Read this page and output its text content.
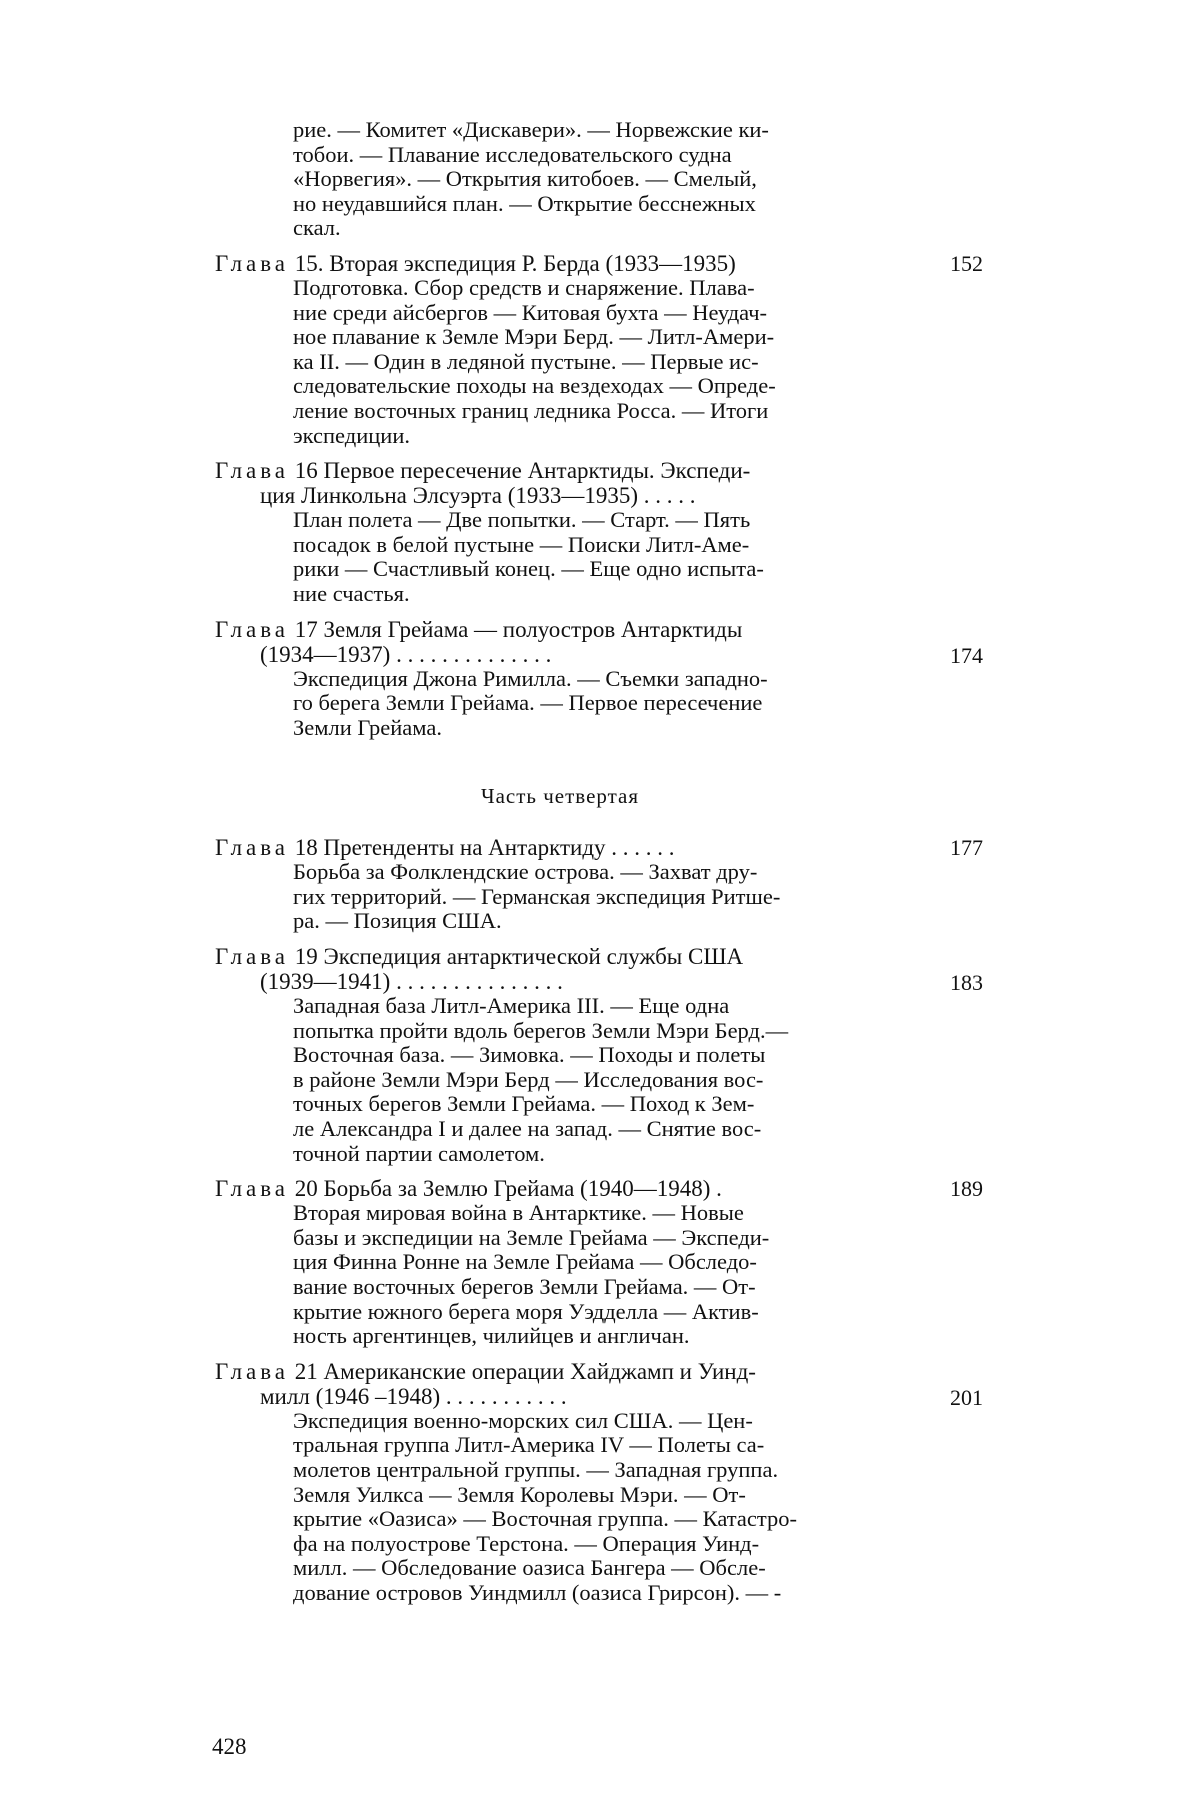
рие. — Комитет «Дискавери». — Норвежские ки-
тобои. — Плавание исследовательского судна
«Норвегия». — Открытия китобоев. — Смелый,
но неудавшийся план. — Открытие бесснежных
скал.
Глава 15. Вторая экспедиция Р. Берда (1933—1935)	152
Подготовка. Сбор средств и снаряжение. Плава-
ние среди айсбергов — Китовая бухта — Неудач-
ное плавание к Земле Мэри Берд. — Литл-Амери-
ка II. — Один в ледяной пустыне. — Первые ис-
следовательские походы на вездеходах — Опреде-
ление восточных границ ледника Росса. — Итоги
экспедиции.
Глава 16 Первое пересечение Антарктиды. Экспеди-
ция Линкольна Элсуэрта (1933—1935) . . . . .
План полета — Две попытки. — Старт. — Пять
посадок в белой пустыне — Поиски Литл-Аме-
рики — Счастливый конец. — Еще одно испыта-
ние счастья.
Глава 17 Земля Грейама — полуостров Антарктиды
(1934—1937) . . . . . . . . . . . . . .	174
Экспедиция Джона Римилла. — Съемки западно-
го берега Земли Грейама. — Первое пересечение
Земли Грейама.
Часть четвертая
Глава 18 Претенденты на Антарктиду . . . . . .	177
Борьба за Фолклендские острова. — Захват дру-
гих территорий. — Германская экспедиция Ритше-
ра. — Позиция США.
Глава 19 Экспедиция антарктической службы США
(1939—1941) . . . . . . . . . . . . . . .	183
Западная база Литл-Америка III. — Еще одна
попытка пройти вдоль берегов Земли Мэри Берд.—
Восточная база. — Зимовка. — Походы и полеты
в районе Земли Мэри Берд — Исследования вос-
точных берегов Земли Грейама. — Поход к Зем-
ле Александра I и далее на запад. — Снятие вос-
точной партии самолетом.
Глава 20 Борьба за Землю Грейама (1940—1948) .	189
Вторая мировая война в Антарктике. — Новые
базы и экспедиции на Земле Грейама — Экспеди-
ция Финна Ронне на Земле Грейама — Обследо-
вание восточных берегов Земли Грейама. — От-
крытие южного берега моря Уэдделла — Актив-
ность аргентинцев, чилийцев и англичан.
Глава 21 Американские операции Хайджамп и Уинд-
милл (1946 –1948) . . . . . . . . . . .	201
Экспедиция военно-морских сил США. — Цен-
тральная группа Литл-Америка IV — Полеты са-
молетов центральной группы. — Западная группа.
Земля Уилкса — Земля Королевы Мэри. — От-
крытие «Оазиса» — Восточная группа. — Катастро-
фа на полуострове Терстона. — Операция Уинд-
милл. — Обследование оазиса Бангера — Обсле-
дование островов Уиндмилл (оазиса Грирсон). — -
428
